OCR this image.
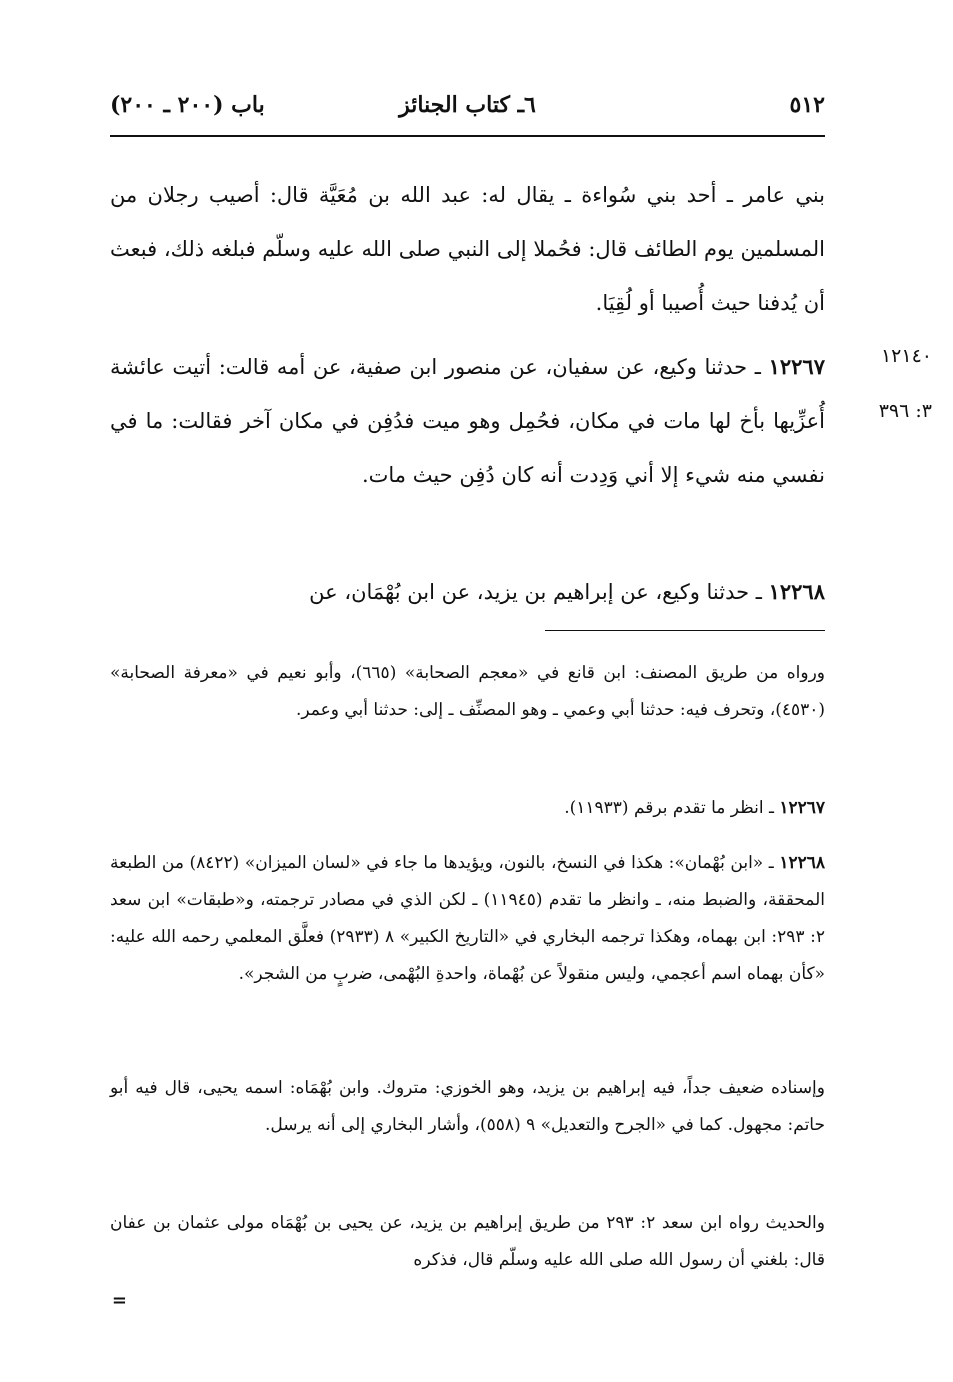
٥١٢
٦ـ كتاب الجنائز
باب (٢٠٠ ـ ٢٠٠)
بني عامر ـ أحد بني سُواءة ـ يقال له: عبد الله بن مُعَيَّة قال: أصيب رجلان من المسلمين يوم الطائف قال: فحُملا إلى النبي صلى الله عليه وسلّم فبلغه ذلك، فبعث أن يُدفنا حيث أُصيبا أو لُقِيَا.
١٢٢٦٧ ـ حدثنا وكيع، عن سفيان، عن منصور ابن صفية، عن أمه قالت: أتيت عائشة أُعزِّيها بأخ لها مات في مكان، فحُمِل وهو ميت فدُفِن في مكان آخر فقالت: ما في نفسي منه شيء إلا أني وَدِدت أنه كان دُفِن حيث مات.
١٢٢٦٨ ـ حدثنا وكيع، عن إبراهيم بن يزيد، عن ابن بُهْمَان، عن
١٢١٤٠
٣: ٣٩٦
ورواه من طريق المصنف: ابن قانع في «معجم الصحابة» (٦٦٥)، وأبو نعيم في «معرفة الصحابة» (٤٥٣٠)، وتحرف فيه: حدثنا أبي وعمي ـ وهو المصنِّف ـ إلى: حدثنا أبي وعمر.
١٢٢٦٧ ـ انظر ما تقدم برقم (١١٩٣٣).
١٢٢٦٨ ـ «ابن بُهْمان»: هكذا في النسخ، بالنون، ويؤيدها ما جاء في «لسان الميزان» (٨٤٢٢) من الطبعة المحققة، والضبط منه، ـ وانظر ما تقدم (١١٩٤٥) ـ لكن الذي في مصادر ترجمته، و«طبقات» ابن سعد ٢: ٢٩٣: ابن بهماه، وهكذا ترجمه البخاري في «التاريخ الكبير» ٨ (٢٩٣٣) فعلَّق المعلمي رحمه الله عليه: «كأن بهماه اسم أعجمي، وليس منقولاً عن بُهْماة، واحدةِ البُهْمى، ضربٍ من الشجر».
وإسناده ضعيف جداً، فيه إبراهيم بن يزيد، وهو الخوزي: متروك. وابن بُهْمَاه: اسمه يحيى، قال فيه أبو حاتم: مجهول. كما في «الجرح والتعديل» ٩ (٥٥٨)، وأشار البخاري إلى أنه يرسل.
والحديث رواه ابن سعد ٢: ٢٩٣ من طريق إبراهيم بن يزيد، عن يحيى بن بُهْمَاه مولى عثمان بن عفان قال: بلغني أن رسول الله صلى الله عليه وسلّم قال، فذكره
=
